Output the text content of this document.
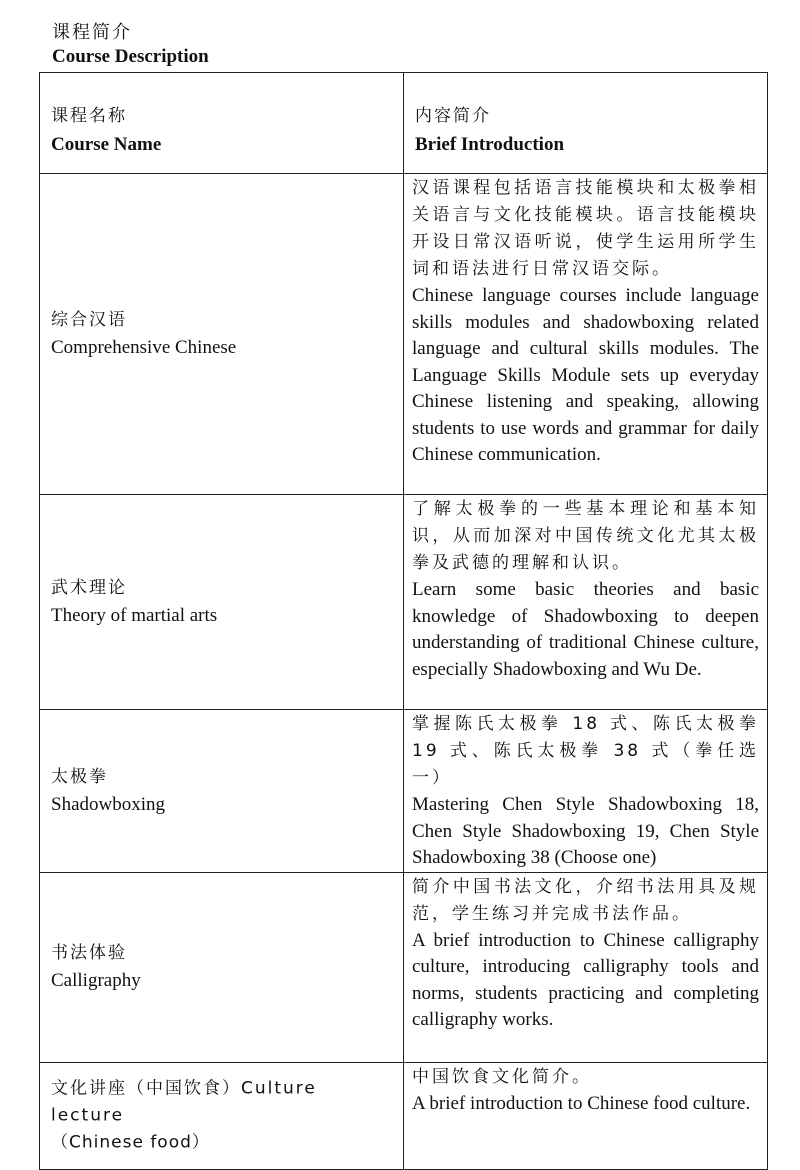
课程简介
Course Description
课程名称
Course Name	内容简介
Brief Introduction

综合汉语
Comprehensive Chinese	汉语课程包括语言技能模块和太极拳相关语言与文化技能模块。语言技能模块开设日常汉语听说，使学生运用所学生词和语法进行日常汉语交际。
Chinese language courses include language skills modules and shadowboxing related language and cultural skills modules. The Language Skills Module sets up everyday Chinese listening and speaking, allowing students to use words and grammar for daily Chinese communication.

武术理论
Theory of martial arts	了解太极拳的一些基本理论和基本知识，从而加深对中国传统文化尤其太极拳及武德的理解和认识。
Learn some basic theories and basic knowledge of Shadowboxing to deepen understanding of traditional Chinese culture, especially Shadowboxing and Wu De.

太极拳
Shadowboxing	掌握陈氏太极拳 18 式、陈氏太极拳 19 式、陈氏太极拳 38 式（拳任选一）
Mastering Chen Style Shadowboxing 18, Chen Style Shadowboxing 19, Chen Style Shadowboxing 38 (Choose one)

书法体验
Calligraphy	简介中国书法文化，介绍书法用具及规范，学生练习并完成书法作品。
A brief introduction to Chinese calligraphy culture, introducing calligraphy tools and norms, students practicing and completing calligraphy works.

文化讲座（中国饮食）Culture lecture
（Chinese food）	中国饮食文化简介。
A brief introduction to Chinese food culture.
